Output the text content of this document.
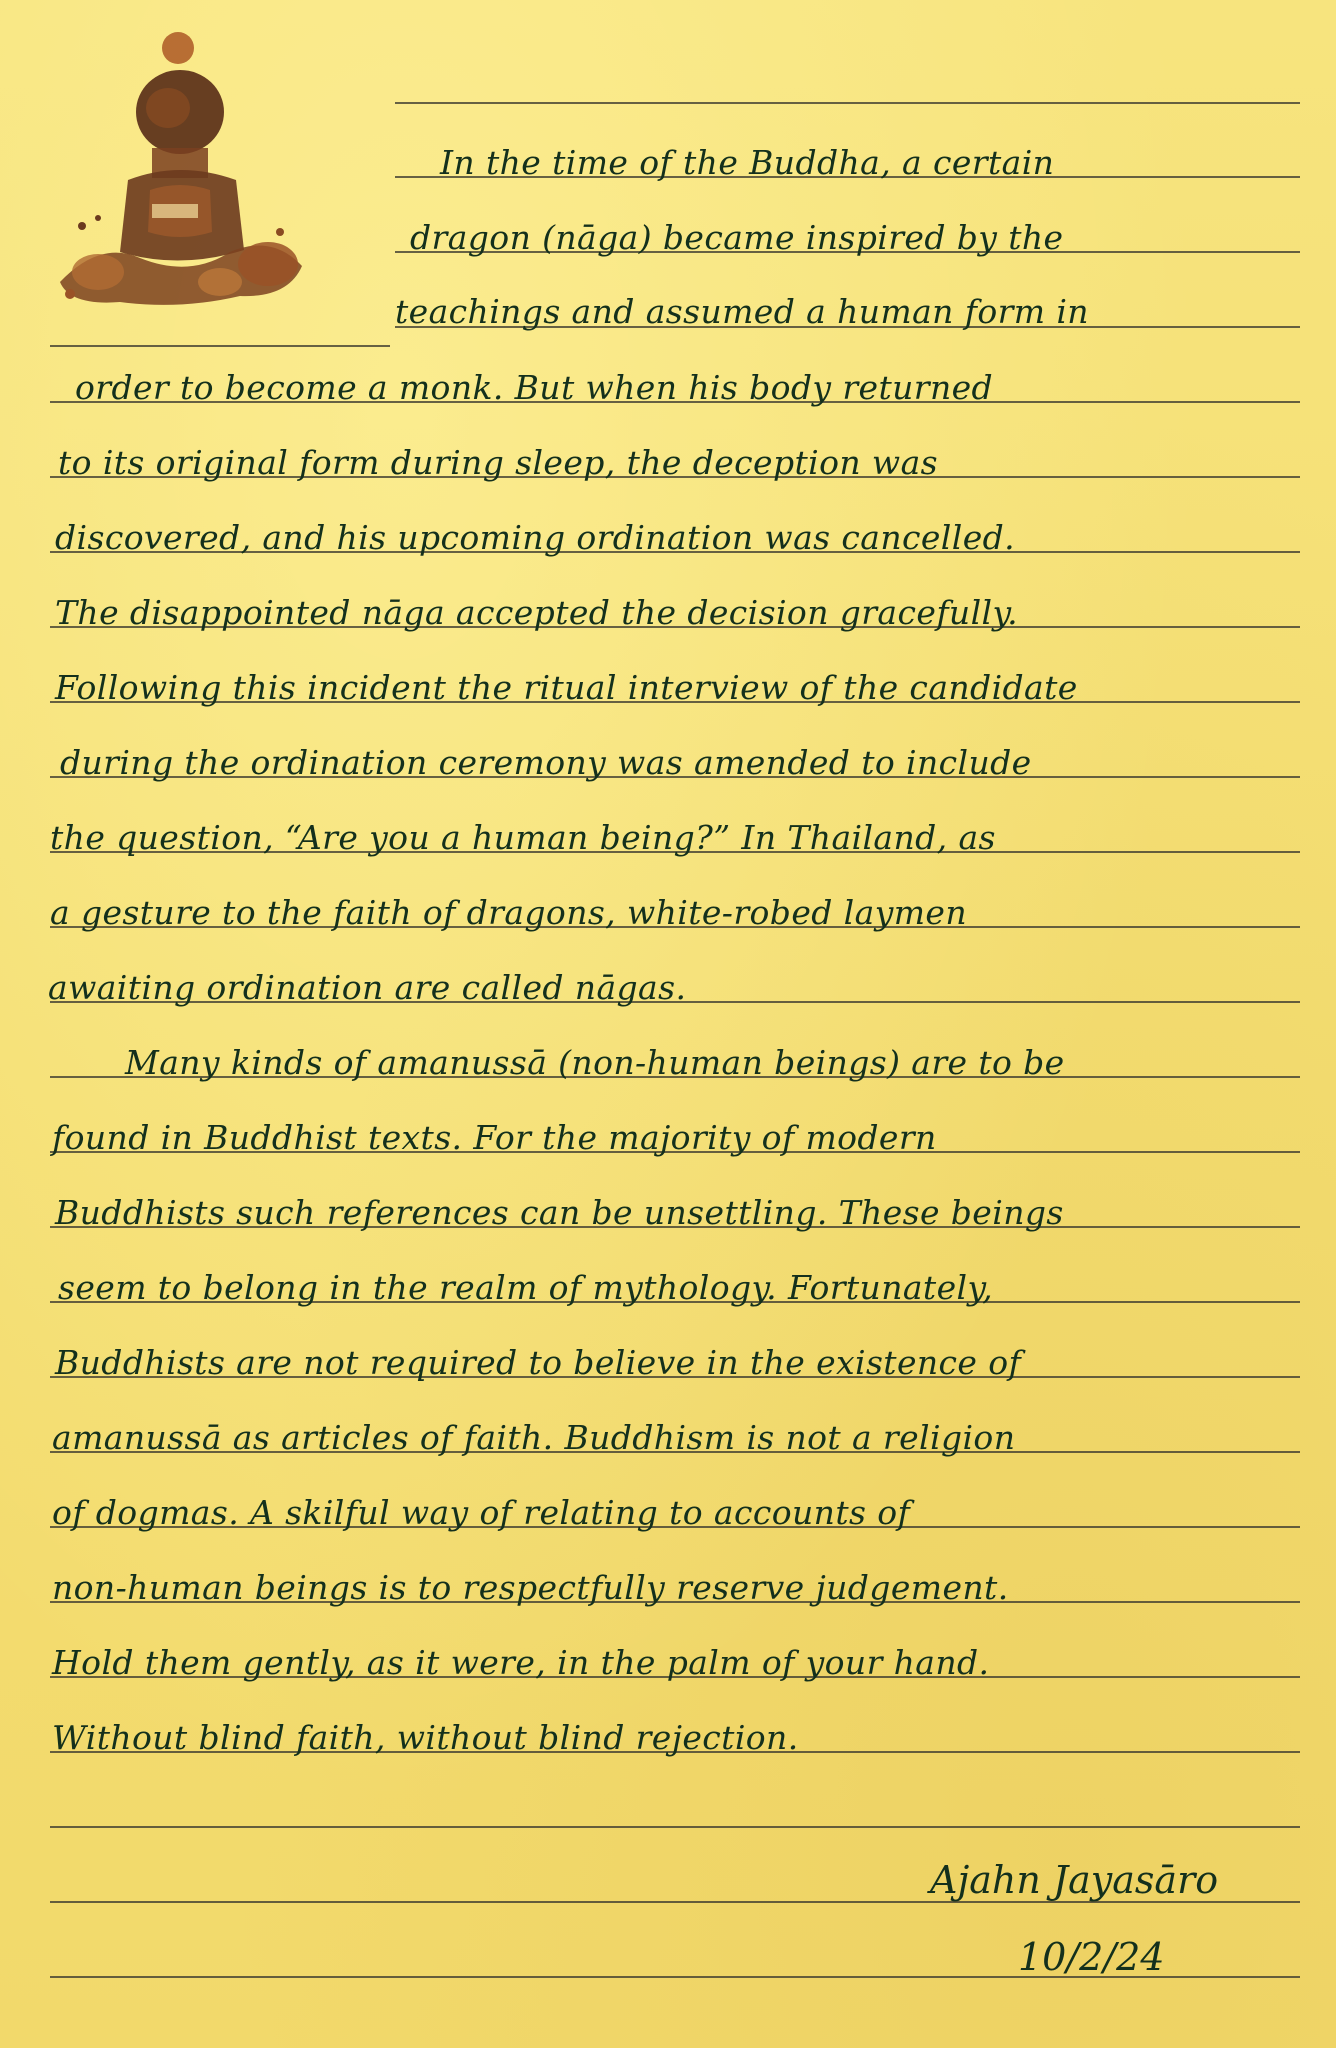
In the time of the Buddha, a certain
dragon (nāga) became inspired by the
teachings and assumed a human form in
order to become a monk. But when his body returned
to its original form during sleep, the deception was
discovered, and his upcoming ordination was cancelled.
The disappointed nāga accepted the decision gracefully.
Following this incident the ritual interview of the candidate
during the ordination ceremony was amended to include
the question, “Are you a human being?” In Thailand, as
a gesture to the faith of dragons, white-robed laymen
awaiting ordination are called nāgas.
Many kinds of amanussā (non-human beings) are to be
found in Buddhist texts. For the majority of modern
Buddhists such references can be unsettling. These beings
seem to belong in the realm of mythology. Fortunately,
Buddhists are not required to believe in the existence of
amanussā as articles of faith. Buddhism is not a religion
of dogmas. A skilful way of relating to accounts of
non-human beings is to respectfully reserve judgement.
Hold them gently, as it were, in the palm of your hand.
Without blind faith, without blind rejection.
Ajahn Jayasāro
10/2/24
